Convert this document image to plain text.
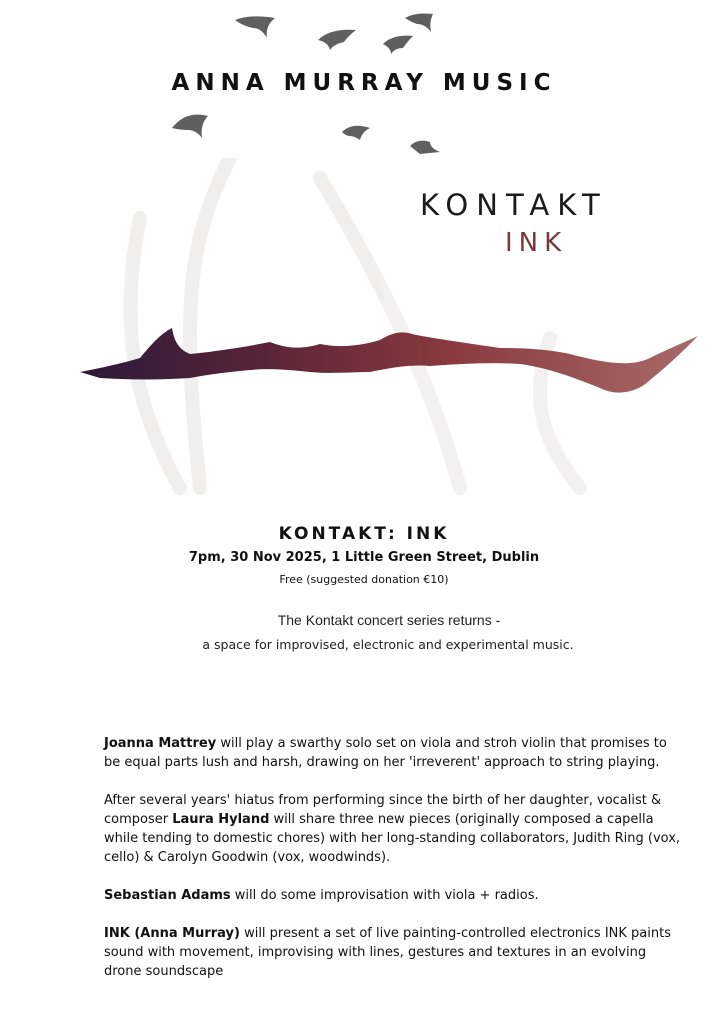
ANNA MURRAY MUSIC
KONTAKT
INK
KONTAKT: INK
7pm, 30 Nov 2025, 1 Little Green Street, Dublin
Free (suggested donation €10)
The Kontakt concert series returns -
a space for improvised, electronic and experimental music.

Joanna Mattrey will play a swarthy solo set on viola and stroh violin that promises to be equal parts lush and harsh, drawing on her 'irreverent' approach to string playing.

After several years' hiatus from performing since the birth of her daughter, vocalist & composer Laura Hyland will share three new pieces (originally composed a capella while tending to domestic chores) with her long-standing collaborators, Judith Ring (vox, cello) & Carolyn Goodwin (vox, woodwinds).

Sebastian Adams will do some improvisation with viola + radios.

INK (Anna Murray) will present a set of live painting-controlled electronics INK paints sound with movement, improvising with lines, gestures and textures in an evolving drone soundscape
